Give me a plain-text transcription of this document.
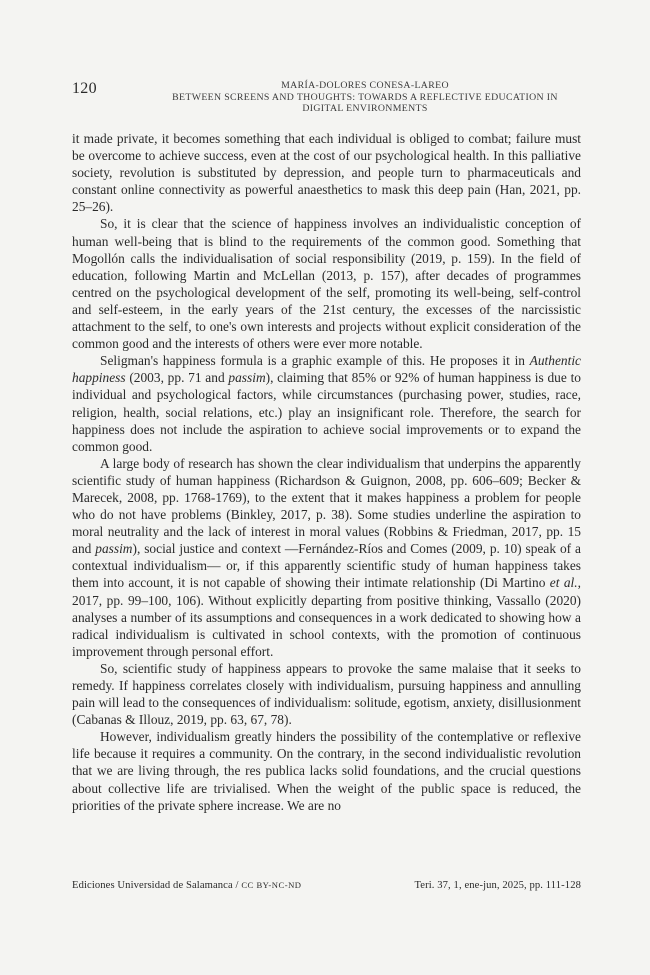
120	MARÍA-DOLORES CONESA-LAREO
BETWEEN SCREENS AND THOUGHTS: TOWARDS A REFLECTIVE EDUCATION IN
DIGITAL ENVIRONMENTS

it made private, it becomes something that each individual is obliged to combat; failure must be overcome to achieve success, even at the cost of our psychological health. In this palliative society, revolution is substituted by depression, and people turn to pharmaceuticals and constant online connectivity as powerful anaesthetics to mask this deep pain (Han, 2021, pp. 25–26).

So, it is clear that the science of happiness involves an individualistic conception of human well-being that is blind to the requirements of the common good. Something that Mogollón calls the individualisation of social responsibility (2019, p. 159). In the field of education, following Martin and McLellan (2013, p. 157), after decades of programmes centred on the psychological development of the self, promoting its well-being, self-control and self-esteem, in the early years of the 21st century, the excesses of the narcissistic attachment to the self, to one's own interests and projects without explicit consideration of the common good and the interests of others were ever more notable.

Seligman's happiness formula is a graphic example of this. He proposes it in Authentic happiness (2003, pp. 71 and passim), claiming that 85% or 92% of human happiness is due to individual and psychological factors, while circumstances (purchasing power, studies, race, religion, health, social relations, etc.) play an insignificant role. Therefore, the search for happiness does not include the aspiration to achieve social improvements or to expand the common good.

A large body of research has shown the clear individualism that underpins the apparently scientific study of human happiness (Richardson & Guignon, 2008, pp. 606–609; Becker & Marecek, 2008, pp. 1768-1769), to the extent that it makes happiness a problem for people who do not have problems (Binkley, 2017, p. 38). Some studies underline the aspiration to moral neutrality and the lack of interest in moral values (Robbins & Friedman, 2017, pp. 15 and passim), social justice and context —Fernández-Ríos and Comes (2009, p. 10) speak of a contextual individualism— or, if this apparently scientific study of human happiness takes them into account, it is not capable of showing their intimate relationship (Di Martino et al., 2017, pp. 99–100, 106). Without explicitly departing from positive thinking, Vassallo (2020) analyses a number of its assumptions and consequences in a work dedicated to showing how a radical individualism is cultivated in school contexts, with the promotion of continuous improvement through personal effort.

So, scientific study of happiness appears to provoke the same malaise that it seeks to remedy. If happiness correlates closely with individualism, pursuing happiness and annulling pain will lead to the consequences of individualism: solitude, egotism, anxiety, disillusionment (Cabanas & Illouz, 2019, pp. 63, 67, 78).

However, individualism greatly hinders the possibility of the contemplative or reflexive life because it requires a community. On the contrary, in the second individualistic revolution that we are living through, the res publica lacks solid foundations, and the crucial questions about collective life are trivialised. When the weight of the public space is reduced, the priorities of the private sphere increase. We are no

Ediciones Universidad de Salamanca / CC BY-NC-ND	Teri. 37, 1, ene-jun, 2025, pp. 111-128
